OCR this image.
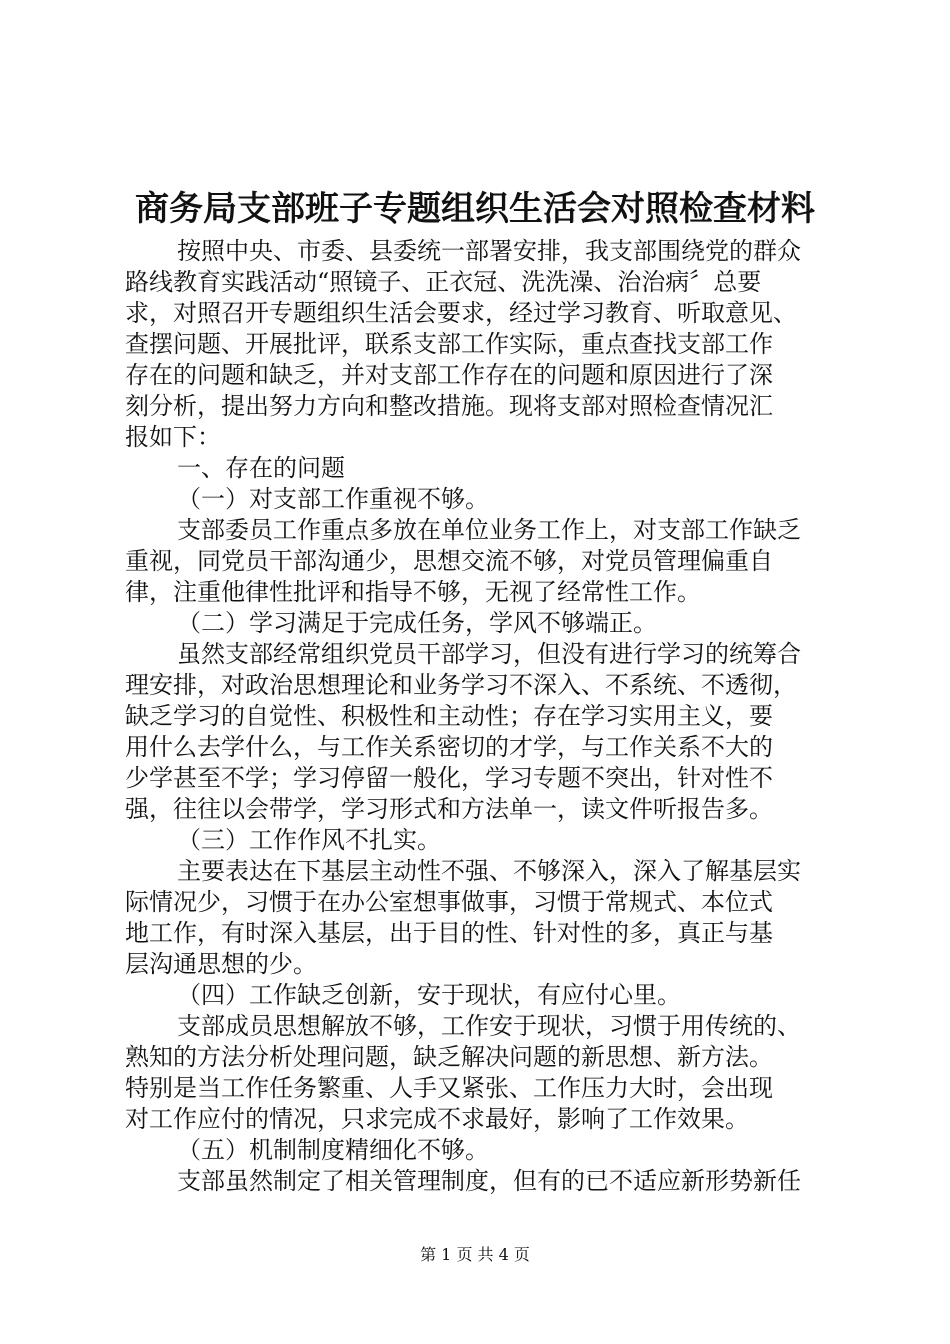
商务局支部班子专题组织生活会对照检查材料
按照中央、市委、县委统一部署安排，我支部围绕党的群众
路线教育实践活动“照镜子、正衣冠、洗洗澡、治治病〞总要
求，对照召开专题组织生活会要求，经过学习教育、听取意见、
查摆问题、开展批评，联系支部工作实际，重点查找支部工作
存在的问题和缺乏，并对支部工作存在的问题和原因进行了深
刻分析，提出努力方向和整改措施。现将支部对照检查情况汇
报如下：
一、存在的问题
（一）对支部工作重视不够。
支部委员工作重点多放在单位业务工作上，对支部工作缺乏
重视，同党员干部沟通少，思想交流不够，对党员管理偏重自
律，注重他律性批评和指导不够，无视了经常性工作。
（二）学习满足于完成任务，学风不够端正。
虽然支部经常组织党员干部学习，但没有进行学习的统筹合
理安排，对政治思想理论和业务学习不深入、不系统、不透彻，
缺乏学习的自觉性、积极性和主动性；存在学习实用主义，要
用什么去学什么，与工作关系密切的才学，与工作关系不大的
少学甚至不学；学习停留一般化，学习专题不突出，针对性不
强，往往以会带学，学习形式和方法单一，读文件听报告多。
（三）工作作风不扎实。
主要表达在下基层主动性不强、不够深入，深入了解基层实
际情况少，习惯于在办公室想事做事，习惯于常规式、本位式
地工作，有时深入基层，出于目的性、针对性的多，真正与基
层沟通思想的少。
（四）工作缺乏创新，安于现状，有应付心里。
支部成员思想解放不够，工作安于现状，习惯于用传统的、
熟知的方法分析处理问题，缺乏解决问题的新思想、新方法。
特别是当工作任务繁重、人手又紧张、工作压力大时，会出现
对工作应付的情况，只求完成不求最好，影响了工作效果。
（五）机制制度精细化不够。
支部虽然制定了相关管理制度，但有的已不适应新形势新任
第 1 页 共 4 页
